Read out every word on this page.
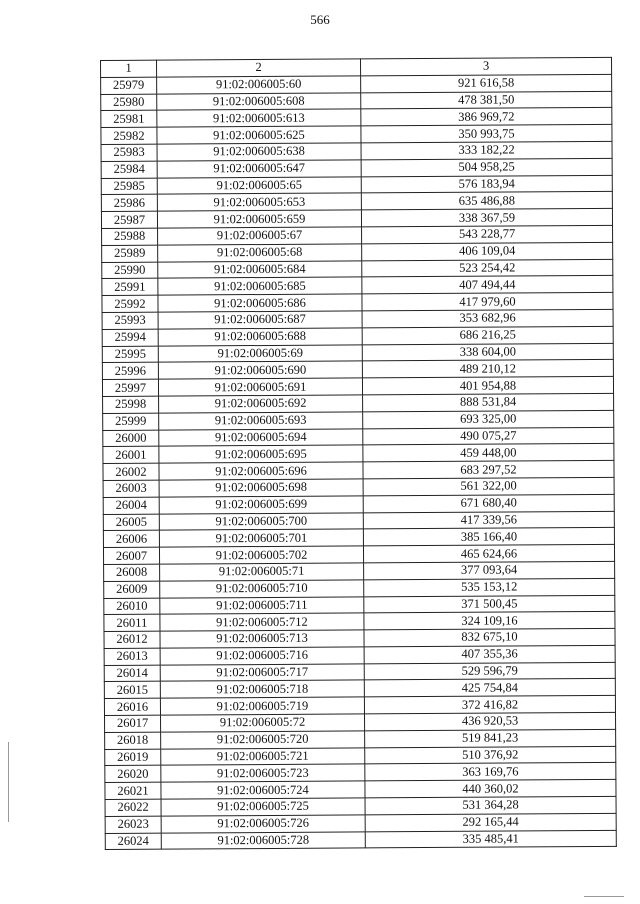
566
1	2	3
25979	91:02:006005:60	921 616,58
25980	91:02:006005:608	478 381,50
25981	91:02:006005:613	386 969,72
25982	91:02:006005:625	350 993,75
25983	91:02:006005:638	333 182,22
25984	91:02:006005:647	504 958,25
25985	91:02:006005:65	576 183,94
25986	91:02:006005:653	635 486,88
25987	91:02:006005:659	338 367,59
25988	91:02:006005:67	543 228,77
25989	91:02:006005:68	406 109,04
25990	91:02:006005:684	523 254,42
25991	91:02:006005:685	407 494,44
25992	91:02:006005:686	417 979,60
25993	91:02:006005:687	353 682,96
25994	91:02:006005:688	686 216,25
25995	91:02:006005:69	338 604,00
25996	91:02:006005:690	489 210,12
25997	91:02:006005:691	401 954,88
25998	91:02:006005:692	888 531,84
25999	91:02:006005:693	693 325,00
26000	91:02:006005:694	490 075,27
26001	91:02:006005:695	459 448,00
26002	91:02:006005:696	683 297,52
26003	91:02:006005:698	561 322,00
26004	91:02:006005:699	671 680,40
26005	91:02:006005:700	417 339,56
26006	91:02:006005:701	385 166,40
26007	91:02:006005:702	465 624,66
26008	91:02:006005:71	377 093,64
26009	91:02:006005:710	535 153,12
26010	91:02:006005:711	371 500,45
26011	91:02:006005:712	324 109,16
26012	91:02:006005:713	832 675,10
26013	91:02:006005:716	407 355,36
26014	91:02:006005:717	529 596,79
26015	91:02:006005:718	425 754,84
26016	91:02:006005:719	372 416,82
26017	91:02:006005:72	436 920,53
26018	91:02:006005:720	519 841,23
26019	91:02:006005:721	510 376,92
26020	91:02:006005:723	363 169,76
26021	91:02:006005:724	440 360,02
26022	91:02:006005:725	531 364,28
26023	91:02:006005:726	292 165,44
26024	91:02:006005:728	335 485,41
